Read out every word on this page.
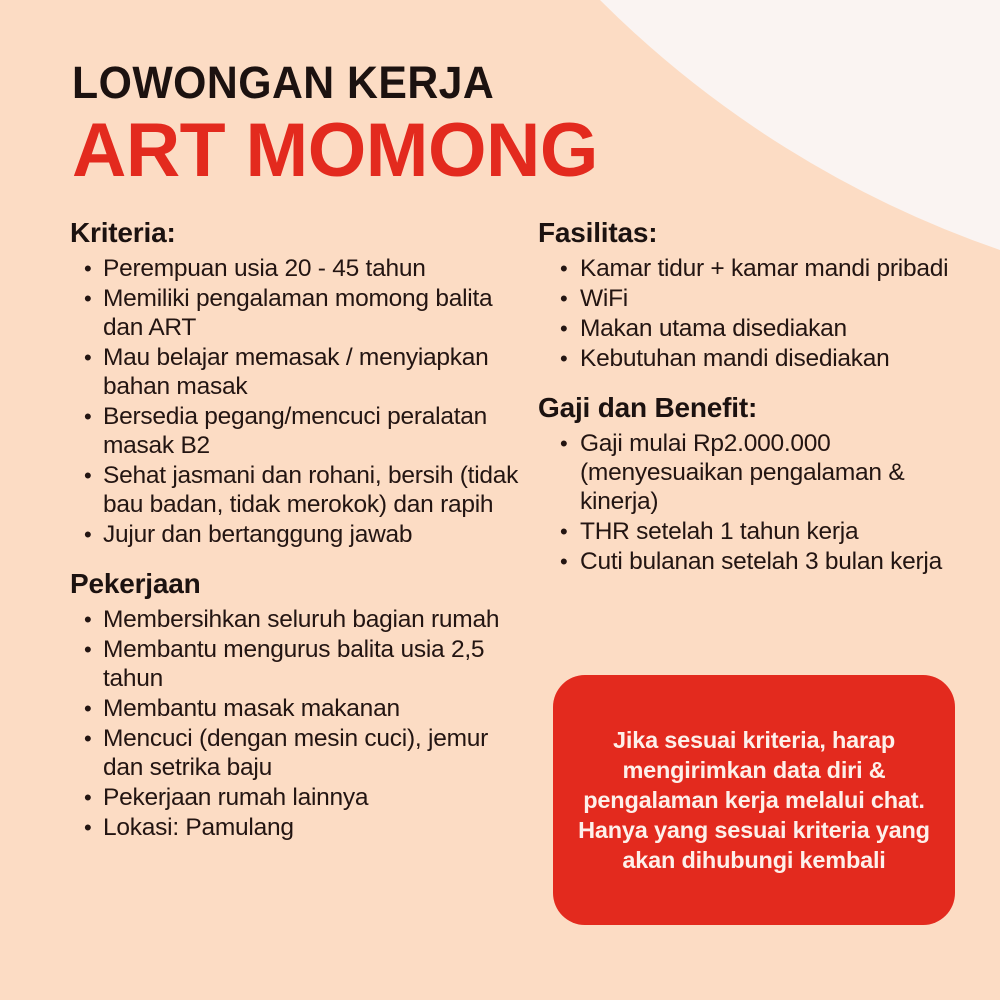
LOWONGAN KERJA
ART MOMONG
Kriteria:
• Perempuan usia 20 - 45 tahun
• Memiliki pengalaman momong balita dan ART
• Mau belajar memasak / menyiapkan bahan masak
• Bersedia pegang/mencuci peralatan masak B2
• Sehat jasmani dan rohani, bersih (tidak bau badan, tidak merokok) dan rapih
• Jujur dan bertanggung jawab
Pekerjaan
• Membersihkan seluruh bagian rumah
• Membantu mengurus balita usia 2,5 tahun
• Membantu masak makanan
• Mencuci (dengan mesin cuci), jemur dan setrika baju
• Pekerjaan rumah lainnya
• Lokasi: Pamulang
Fasilitas:
• Kamar tidur + kamar mandi pribadi
• WiFi
• Makan utama disediakan
• Kebutuhan mandi disediakan
Gaji dan Benefit:
• Gaji mulai Rp2.000.000 (menyesuaikan pengalaman & kinerja)
• THR setelah 1 tahun kerja
• Cuti bulanan setelah 3 bulan kerja

Jika sesuai kriteria, harap mengirimkan data diri & pengalaman kerja melalui chat. Hanya yang sesuai kriteria yang akan dihubungi kembali
